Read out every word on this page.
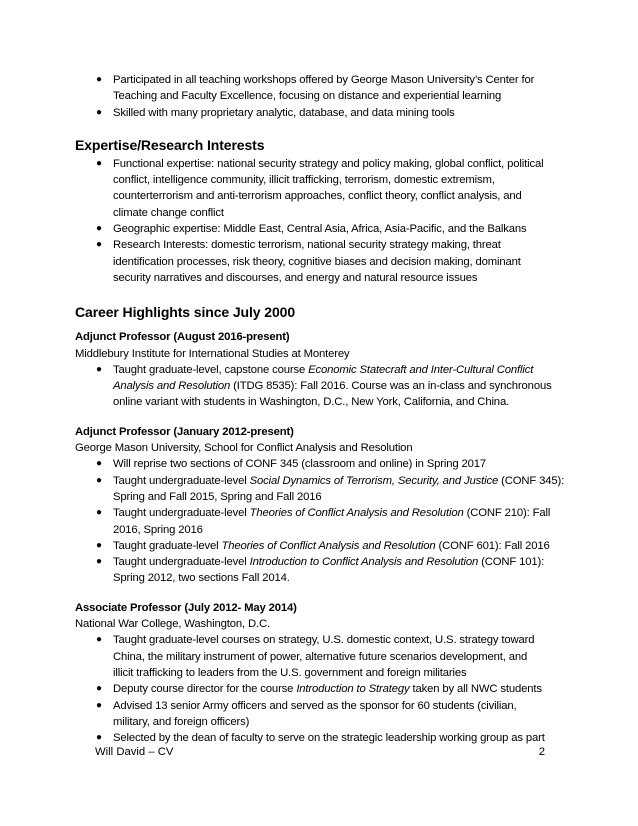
● Participated in all teaching workshops offered by George Mason University’s Center for
Teaching and Faculty Excellence, focusing on distance and experiential learning
● Skilled with many proprietary analytic, database, and data mining tools
Expertise/Research Interests
● Functional expertise: national security strategy and policy making, global conflict, political
conflict, intelligence community, illicit trafficking, terrorism, domestic extremism,
counterterrorism and anti-terrorism approaches, conflict theory, conflict analysis, and
climate change conflict
● Geographic expertise: Middle East, Central Asia, Africa, Asia-Pacific, and the Balkans
● Research Interests: domestic terrorism, national security strategy making, threat
identification processes, risk theory, cognitive biases and decision making, dominant
security narratives and discourses, and energy and natural resource issues
Career Highlights since July 2000
Adjunct Professor (August 2016-present)
Middlebury Institute for International Studies at Monterey
● Taught graduate-level, capstone course Economic Statecraft and Inter-Cultural Conflict
Analysis and Resolution (ITDG 8535): Fall 2016. Course was an in-class and synchronous
online variant with students in Washington, D.C., New York, California, and China.
Adjunct Professor (January 2012-present)
George Mason University, School for Conflict Analysis and Resolution
● Will reprise two sections of CONF 345 (classroom and online) in Spring 2017
● Taught undergraduate-level Social Dynamics of Terrorism, Security, and Justice (CONF 345):
Spring and Fall 2015, Spring and Fall 2016
● Taught undergraduate-level Theories of Conflict Analysis and Resolution (CONF 210): Fall
2016, Spring 2016
● Taught graduate-level Theories of Conflict Analysis and Resolution (CONF 601): Fall 2016
● Taught undergraduate-level Introduction to Conflict Analysis and Resolution (CONF 101):
Spring 2012, two sections Fall 2014.
Associate Professor (July 2012- May 2014)
National War College, Washington, D.C.
● Taught graduate-level courses on strategy, U.S. domestic context, U.S. strategy toward
China, the military instrument of power, alternative future scenarios development, and
illicit trafficking to leaders from the U.S. government and foreign militaries
● Deputy course director for the course Introduction to Strategy taken by all NWC students
● Advised 13 senior Army officers and served as the sponsor for 60 students (civilian,
military, and foreign officers)
● Selected by the dean of faculty to serve on the strategic leadership working group as part
Will David – CV	2
